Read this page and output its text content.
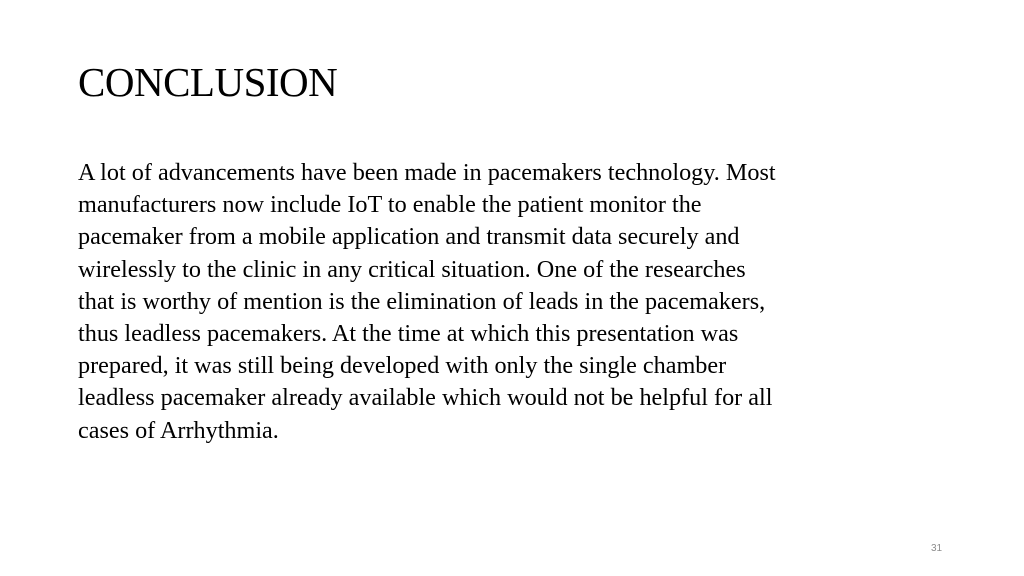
CONCLUSION

A lot of advancements have been made in pacemakers technology. Most
manufacturers now include IoT to enable the patient monitor the
pacemaker from a mobile application and transmit data securely and
wirelessly to the clinic in any critical situation. One of the researches
that is worthy of mention is the elimination of leads in the pacemakers,
thus leadless pacemakers. At the time at which this presentation was
prepared, it was still being developed with only the single chamber
leadless pacemaker already available which would not be helpful for all
cases of Arrhythmia.

31
